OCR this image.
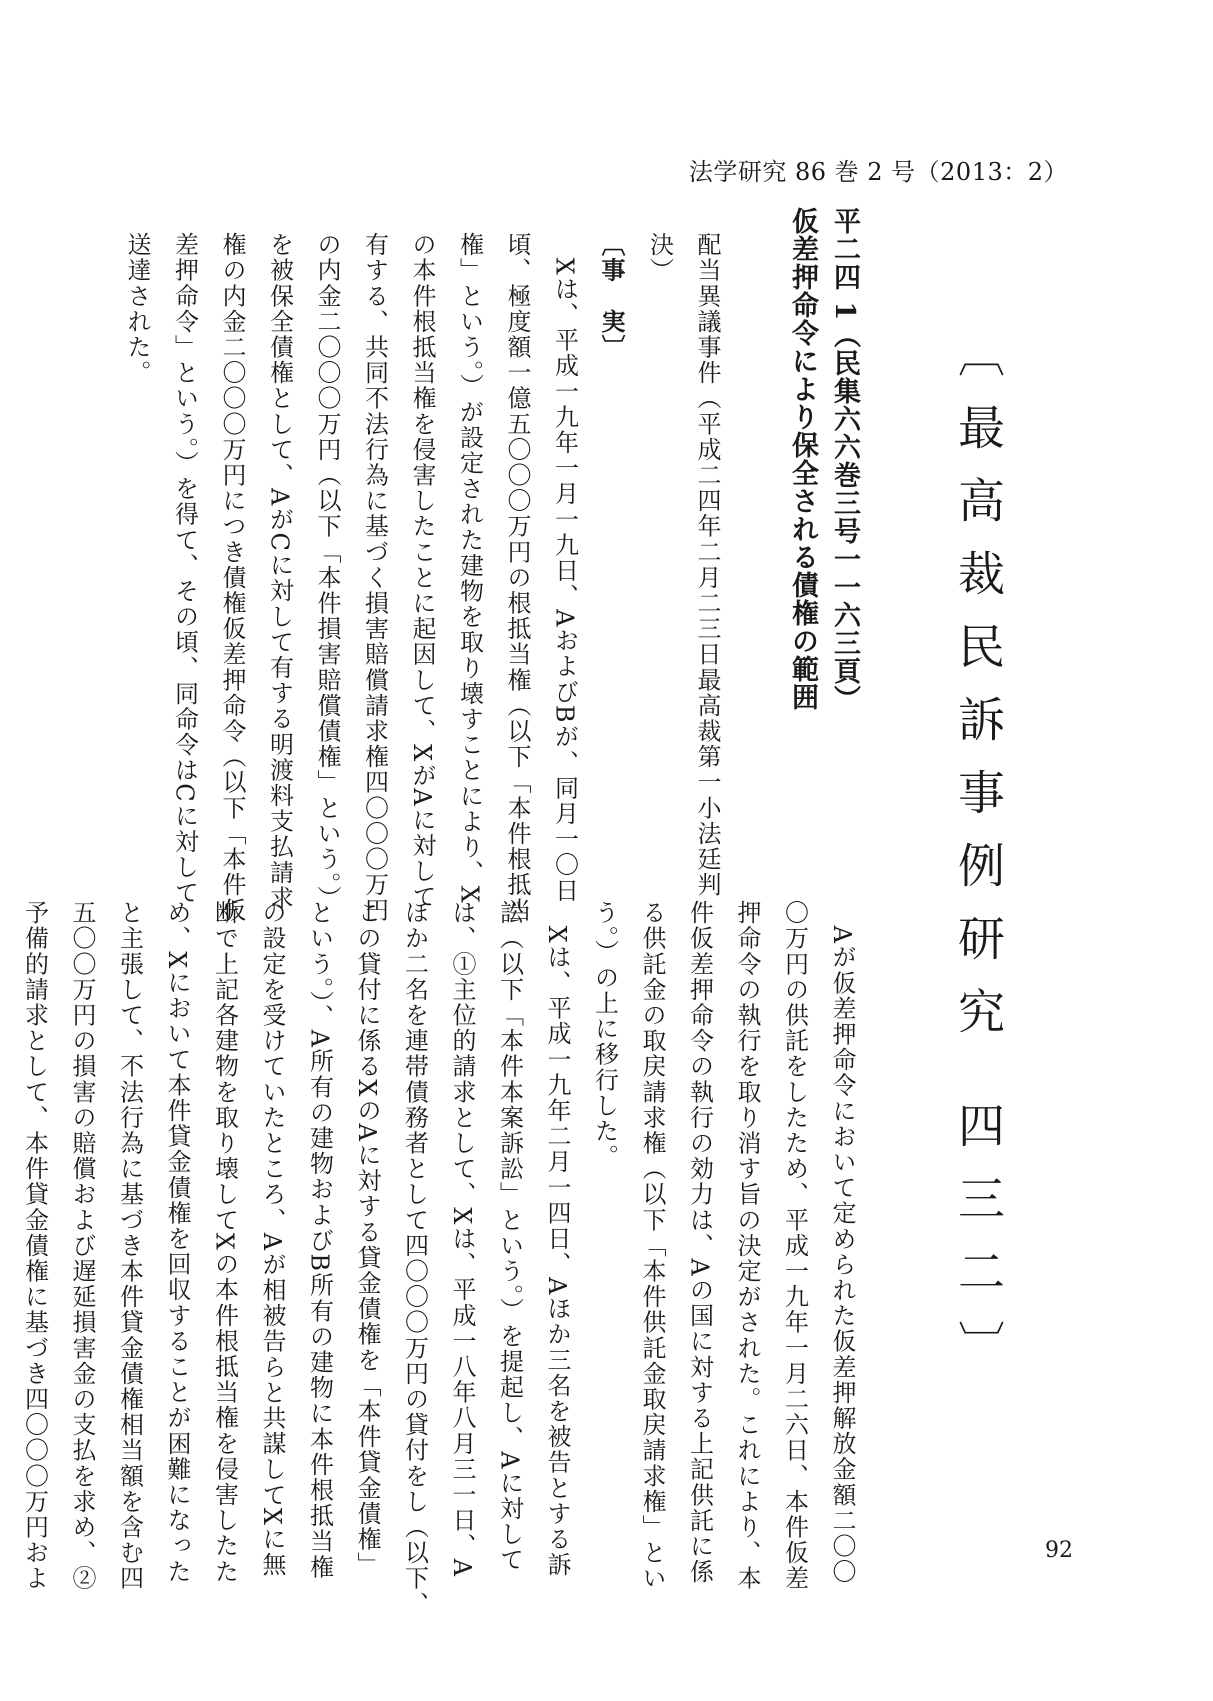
法学研究 86 巻 2 号（2013：2）
〔最高裁民訴事例研究 四三二〕
平二四 1（民集六六巻三号一一六三頁）
仮差押命令により保全される債権の範囲
配当異議事件（平成二四年二月二三日最高裁第一小法廷判
決）
〔事　実〕
　Xは、平成一九年一月一九日、AおよびBが、同月一〇日
頃、極度額一億五〇〇〇万円の根抵当権（以下「本件根抵当
権」という。）が設定された建物を取り壊すことにより、X
の本件根抵当権を侵害したことに起因して、XがAに対して
有する、共同不法行為に基づく損害賠償請求権四〇〇〇万円
の内金二〇〇〇万円（以下「本件損害賠償債権」という。）
を被保全債権として、AがCに対して有する明渡料支払請求
権の内金二〇〇〇万円につき債権仮差押命令（以下「本件仮
差押命令」という。）を得て、その頃、同命令はCに対して
送達された。
　Aが仮差押命令において定められた仮差押解放金額二〇〇
〇万円の供託をしたため、平成一九年一月二六日、本件仮差
押命令の執行を取り消す旨の決定がされた。これにより、本
件仮差押命令の執行の効力は、Aの国に対する上記供託に係
る供託金の取戻請求権（以下「本件供託金取戻請求権」とい
う。）の上に移行した。
　Xは、平成一九年二月一四日、Aほか三名を被告とする訴
訟（以下「本件本案訴訟」という。）を提起し、Aに対して
は、①主位的請求として、Xは、平成一八年八月三一日、A
ほか二名を連帯債務者として四〇〇〇万円の貸付をし（以下、
この貸付に係るXのAに対する貸金債権を「本件貸金債権」
という。）、A所有の建物およびB所有の建物に本件根抵当権
の設定を受けていたところ、Aが相被告らと共謀してXに無
断で上記各建物を取り壊してXの本件根抵当権を侵害したた
め、Xにおいて本件貸金債権を回収することが困難になった
と主張して、不法行為に基づき本件貸金債権相当額を含む四
五〇〇万円の損害の賠償および遅延損害金の支払を求め、②
予備的請求として、本件貸金債権に基づき四〇〇〇万円およ	92
